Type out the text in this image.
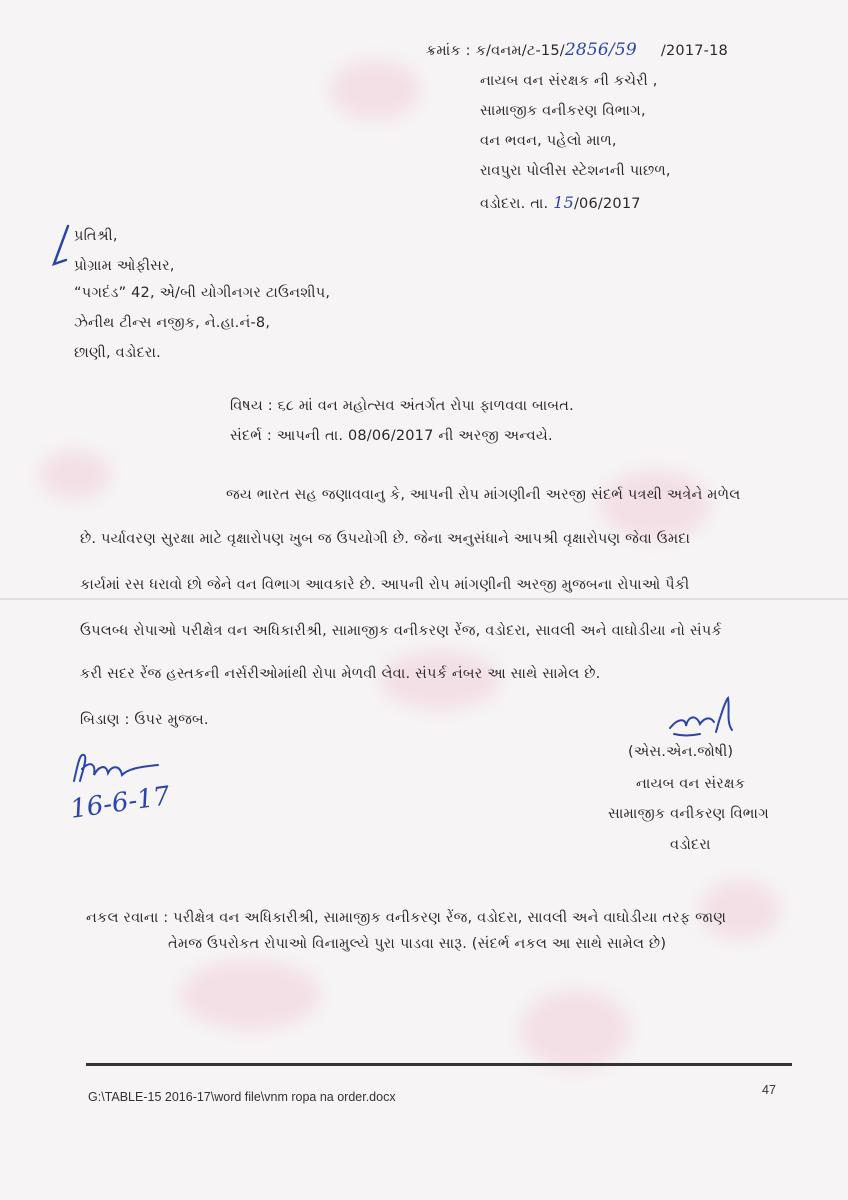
ક્રમાંક : ક/વનમ/ટ-15/2856/59 /2017-18
નાયબ વન સંરક્ષક ની કચેરી ,
સામાજીક વનીકરણ વિભાગ,
વન ભવન, પહેલો માળ,
રાવપુરા પોલીસ સ્ટેશનની પાછળ,
વડોદરા. તા. 15/06/2017
પ્રતિશ્રી,
પ્રોગ્રામ ઓફીસર,
“પગદંડ” 42, એ/બી યોગીનગર ટાઉનશીપ,
ઝેનીથ ટીન્સ નજીક, ને.હા.નં-8,
છાણી, વડોદરા.
વિષય : ૬૮ માં વન મહોત્સવ અંતર્ગત રોપા ફાળવવા બાબત.
સંદર્ભ : આપની તા. 08/06/2017 ની અરજી અન્વયે.
જય ભારત સહ જણાવવાનુ કે, આપની રોપ માંગણીની અરજી સંદર્ભ પત્રથી અત્રેને મળેલ
છે. પર્યાવરણ સુરક્ષા માટે વૃક્ષારોપણ ખુબ જ ઉપયોગી છે. જેના અનુસંધાને આપશ્રી વૃક્ષારોપણ જેવા ઉમદા
કાર્યમાં રસ ધરાવો છો જેને વન વિભાગ આવકારે છે. આપની રોપ માંગણીની અરજી મુજબના રોપાઓ પૈકી
ઉપલબ્ધ રોપાઓ પરીક્ષેત્ર વન અધિકારીશ્રી, સામાજીક વનીકરણ રેંજ, વડોદરા, સાવલી અને વાઘોડીયા નો સંપર્ક
કરી સદર રેંજ હસ્તકની નર્સરીઓમાંથી રોપા મેળવી લેવા. સંપર્ક નંબર આ સાથે સામેલ છે.
બિડાણ : ઉપર મુજબ.
16-6-17
(એસ.એન.જોષી)
નાયબ વન સંરક્ષક
સામાજીક વનીકરણ વિભાગ
વડોદરા
નકલ રવાના : પરીક્ષેત્ર વન અધિકારીશ્રી, સામાજીક વનીકરણ રેંજ, વડોદરા, સાવલી અને વાઘોડીયા તરફ જાણ
તેમજ ઉપરોકત રોપાઓ વિનામુલ્યે પુરા પાડવા સારૂ. (સંદર્ભ નકલ આ સાથે સામેલ છે)
G:\TABLE-15 2016-17\word file\vnm ropa na order.docx	47
